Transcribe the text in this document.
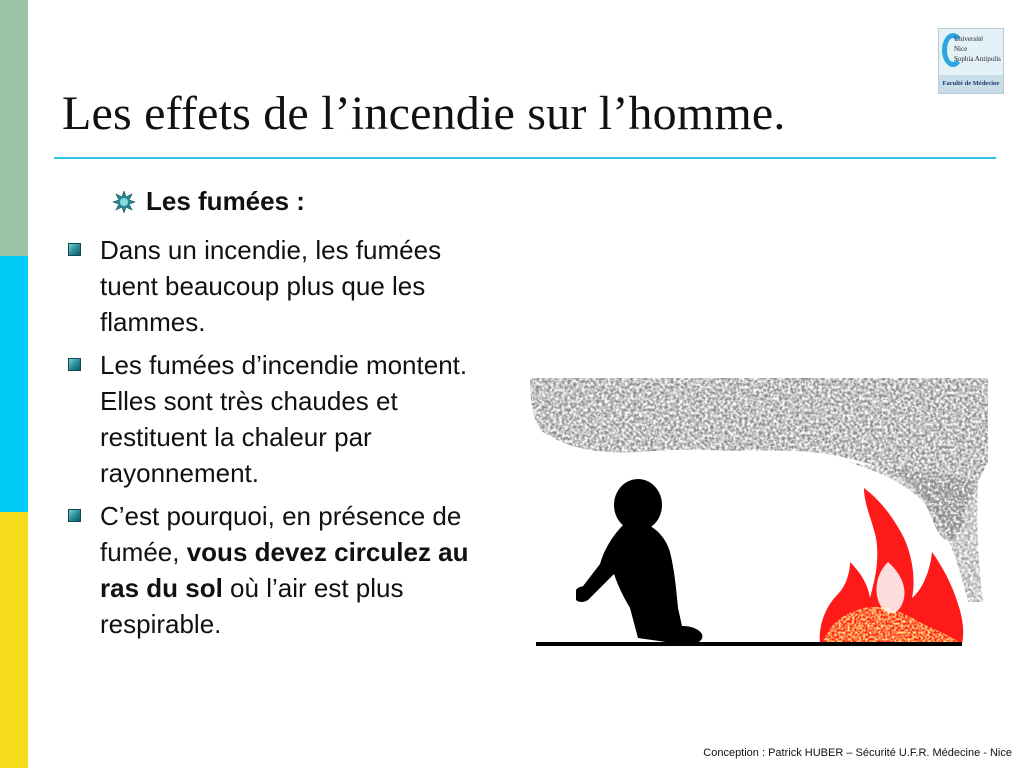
Les effets de l’incendie sur l’homme.
Université
Nice
Sophia Antipolis
Faculté de Médecine
Les fumées :
Dans un incendie, les fumées tuent beaucoup plus que les flammes.
Les fumées d’incendie montent. Elles sont très chaudes et restituent la chaleur par rayonnement.
C’est pourquoi, en présence de fumée, vous devez circulez au ras du sol où l’air est plus respirable.
Conception : Patrick HUBER – Sécurité U.F.R. Médecine - Nice
